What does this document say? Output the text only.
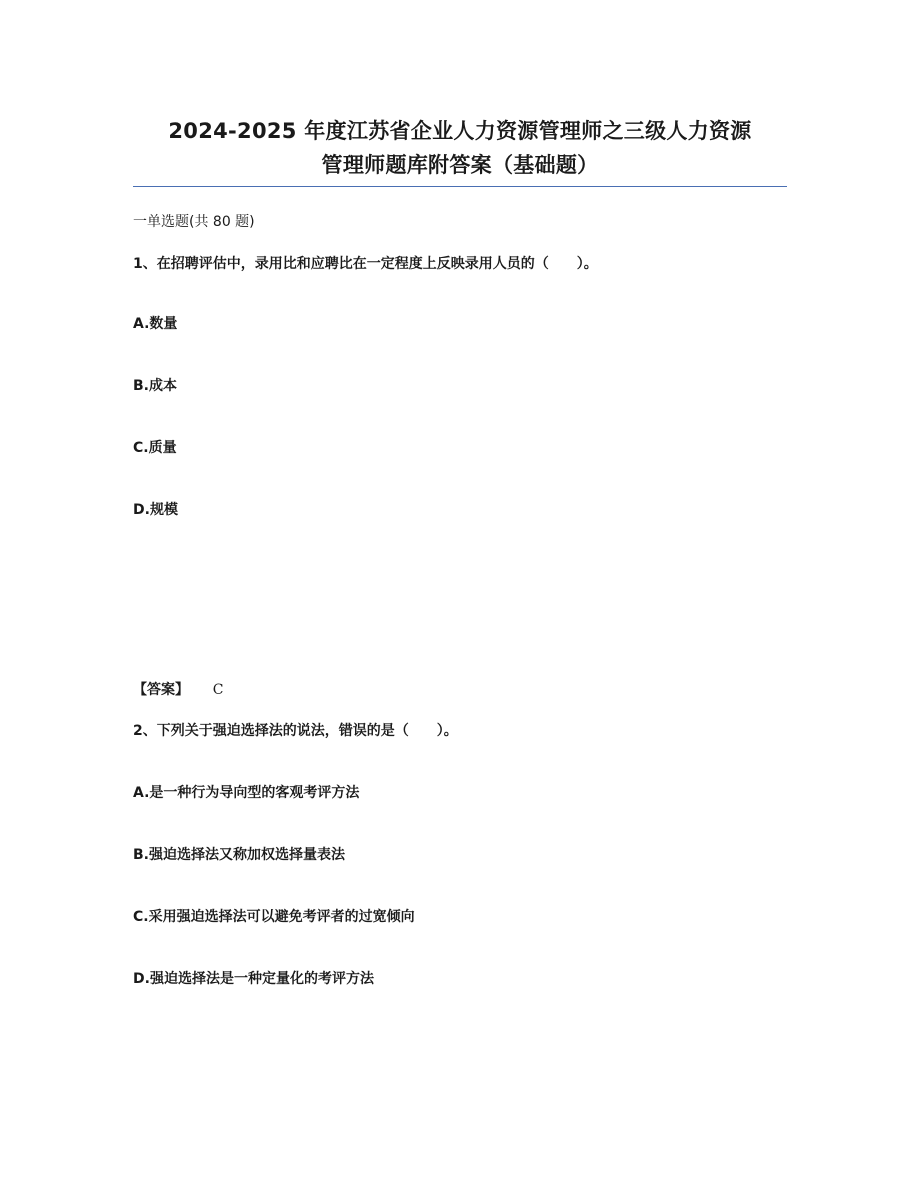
2024-2025 年度江苏省企业人力资源管理师之三级人力资源
管理师题库附答案（基础题）
一单选题(共 80 题)
1、在招聘评估中，录用比和应聘比在一定程度上反映录用人员的（　　）。
A.数量
B.成本
C.质量
D.规模
【答案】 C
2、下列关于强迫选择法的说法，错误的是（　　）。
A.是一种行为导向型的客观考评方法
B.强迫选择法又称加权选择量表法
C.采用强迫选择法可以避免考评者的过宽倾向
D.强迫选择法是一种定量化的考评方法
